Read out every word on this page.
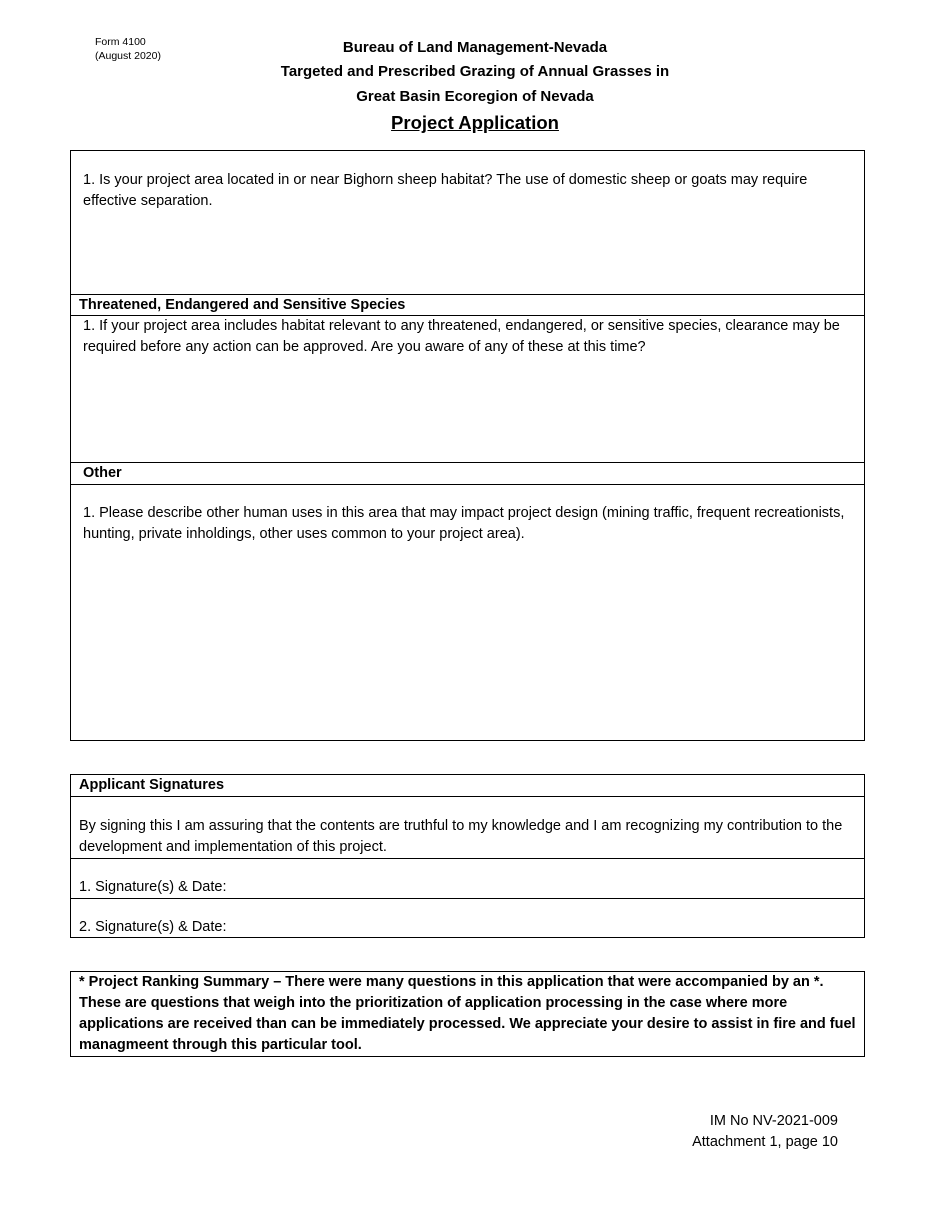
Form 4100
(August 2020)	Bureau of Land Management-Nevada
Targeted and Prescribed Grazing of Annual Grasses in
Great Basin Ecoregion of Nevada
Project Application
1. Is your project area located in or near Bighorn sheep habitat? The use of domestic sheep or goats may require effective separation.
Threatened, Endangered and Sensitive Species
1. If your project area includes habitat relevant to any threatened, endangered, or sensitive species, clearance may be required before any action can be approved. Are you aware of any of these at this time?
Other
1. Please describe other human uses in this area that may impact project design (mining traffic, frequent recreationists, hunting, private inholdings, other uses common to your project area).
Applicant Signatures
By signing this I am assuring that the contents are truthful to my knowledge and I am recognizing my contribution to the development and implementation of this project.
1. Signature(s) & Date:
2. Signature(s) & Date:
* Project Ranking Summary – There were many questions in this application that were accompanied by an *. These are questions that weigh into the prioritization of application processing in the case where more applications are received than can be immediately processed. We appreciate your desire to assist in fire and fuel managmeent through this particular tool.
IM No NV-2021-009
Attachment 1, page 10
